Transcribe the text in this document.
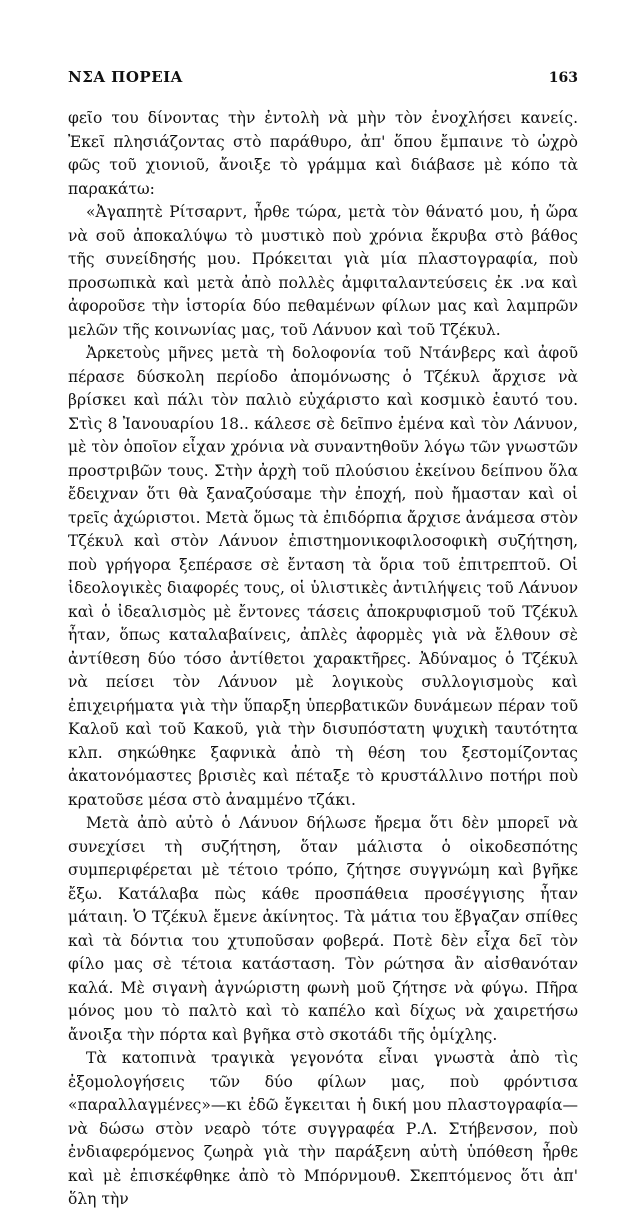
ΝΣΑ ΠΟΡΕΙΑ	163

φεῖο του δίνοντας τὴν ἐντολὴ νὰ μὴν τὸν ἐνοχλήσει κανείς. Ἐκεῖ πλησιάζοντας στὸ παράθυρο, ἀπ' ὅπου ἔμπαινε τὸ ὠχρὸ φῶς τοῦ χιονιοῦ, ἄνοιξε τὸ γράμμα καὶ διάβασε μὲ κόπο τὰ παρακάτω:

«Ἀγαπητὲ Ρίτσαρντ, ἦρθε τώρα, μετὰ τὸν θάνατό μου, ἡ ὥρα νὰ σοῦ ἀποκαλύψω τὸ μυστικὸ ποὺ χρόνια ἔκρυβα στὸ βάθος τῆς συνείδησής μου. Πρόκειται γιὰ μία πλαστογραφία, ποὺ προσωπικὰ καὶ μετὰ ἀπὸ πολλὲς ἀμφιταλαντεύσεις ἐκ .να καὶ ἀφοροῦσε τὴν ἱστορία δύο πεθαμένων φίλων μας καὶ λαμπρῶν μελῶν τῆς κοινωνίας μας, τοῦ Λάνυον καὶ τοῦ Τζέκυλ.

Ἀρκετοὺς μῆνες μετὰ τὴ δολοφονία τοῦ Ντάνβερς καὶ ἀφοῦ πέρασε δύσκολη περίοδο ἀπομόνωσης ὁ Τζέκυλ ἄρχισε νὰ βρίσκει καὶ πάλι τὸν παλιὸ εὐχάριστο καὶ κοσμικὸ ἑαυτό του. Στὶς 8 Ἰανουαρίου 18.. κάλεσε σὲ δεῖπνο ἐμένα καὶ τὸν Λάνυον, μὲ τὸν ὁποῖον εἶχαν χρόνια νὰ συναντηθοῦν λόγω τῶν γνωστῶν προστριβῶν τους. Στὴν ἀρχὴ τοῦ πλούσιου ἐκείνου δείπνου ὅλα ἔδειχναν ὅτι θὰ ξαναζούσαμε τὴν ἐποχή, ποὺ ἤμασταν καὶ οἱ τρεῖς ἀχώριστοι. Μετὰ ὅμως τὰ ἐπιδόρπια ἄρχισε ἀνάμεσα στὸν Τζέκυλ καὶ στὸν Λάνυον ἐπιστημονικοφιλοσοφικὴ συζήτηση, ποὺ γρήγορα ξεπέρασε σὲ ἔνταση τὰ ὅρια τοῦ ἐπιτρεπτοῦ. Οἱ ἰδεολογικὲς διαφορές τους, οἱ ὑλιστικὲς ἀντιλήψεις τοῦ Λάνυον καὶ ὁ ἰδεαλισμὸς μὲ ἔντονες τάσεις ἀποκρυφισμοῦ τοῦ Τζέκυλ ἦταν, ὅπως καταλαβαίνεις, ἀπλὲς ἀφορμὲς γιὰ νὰ ἔλθουν σὲ ἀντίθεση δύο τόσο ἀντίθετοι χαρακτῆρες. Ἀδύναμος ὁ Τζέκυλ νὰ πείσει τὸν Λάνυον μὲ λογικοὺς συλλογισμοὺς καὶ ἐπιχειρήματα γιὰ τὴν ὕπαρξη ὑπερβατικῶν δυνάμεων πέραν τοῦ Καλοῦ καὶ τοῦ Κακοῦ, γιὰ τὴν δισυπόστατη ψυχικὴ ταυτότητα κλπ. σηκώθηκε ξαφνικὰ ἀπὸ τὴ θέση του ξεστομίζοντας ἀκατονόμαστες βρισιὲς καὶ πέταξε τὸ κρυστάλλινο ποτήρι ποὺ κρατοῦσε μέσα στὸ ἀναμμένο τζάκι.

Μετὰ ἀπὸ αὐτὸ ὁ Λάνυον δήλωσε ἤρεμα ὅτι δὲν μπορεῖ νὰ συνεχίσει τὴ συζήτηση, ὅταν μάλιστα ὁ οἰκοδεσπότης συμπεριφέρεται μὲ τέτοιο τρόπο, ζήτησε συγγνώμη καὶ βγῆκε ἔξω. Κατάλαβα πὼς κάθε προσπάθεια προσέγγισης ἦταν μάταιη. Ὁ Τζέκυλ ἔμενε ἀκίνητος. Τὰ μάτια του ἔβγαζαν σπίθες καὶ τὰ δόντια του χτυποῦσαν φοβερά. Ποτὲ δὲν εἶχα δεῖ τὸν φίλο μας σὲ τέτοια κατάσταση. Τὸν ρώτησα ἂν αἰσθανόταν καλά. Μὲ σιγανὴ ἀγνώριστη φωνὴ μοῦ ζήτησε νὰ φύγω. Πῆρα μόνος μου τὸ παλτὸ καὶ τὸ καπέλο καὶ δίχως νὰ χαιρετήσω ἄνοιξα τὴν πόρτα καὶ βγῆκα στὸ σκοτάδι τῆς ὁμίχλης.

Τὰ κατοπινὰ τραγικὰ γεγονότα εἶναι γνωστὰ ἀπὸ τὶς ἐξομολογήσεις τῶν δύο φίλων μας, ποὺ φρόντισα «παραλλαγμένες»—κι ἐδῶ ἔγκειται ἡ δική μου πλαστογραφία—νὰ δώσω στὸν νεαρὸ τότε συγγραφέα Ρ.Λ. Στήβενσον, ποὺ ἐνδιαφερόμενος ζωηρὰ γιὰ τὴν παράξενη αὐτὴ ὑπόθεση ἦρθε καὶ μὲ ἐπισκέφθηκε ἀπὸ τὸ Μπόρνμουθ. Σκεπτόμενος ὅτι ἀπ' ὅλη τὴν
